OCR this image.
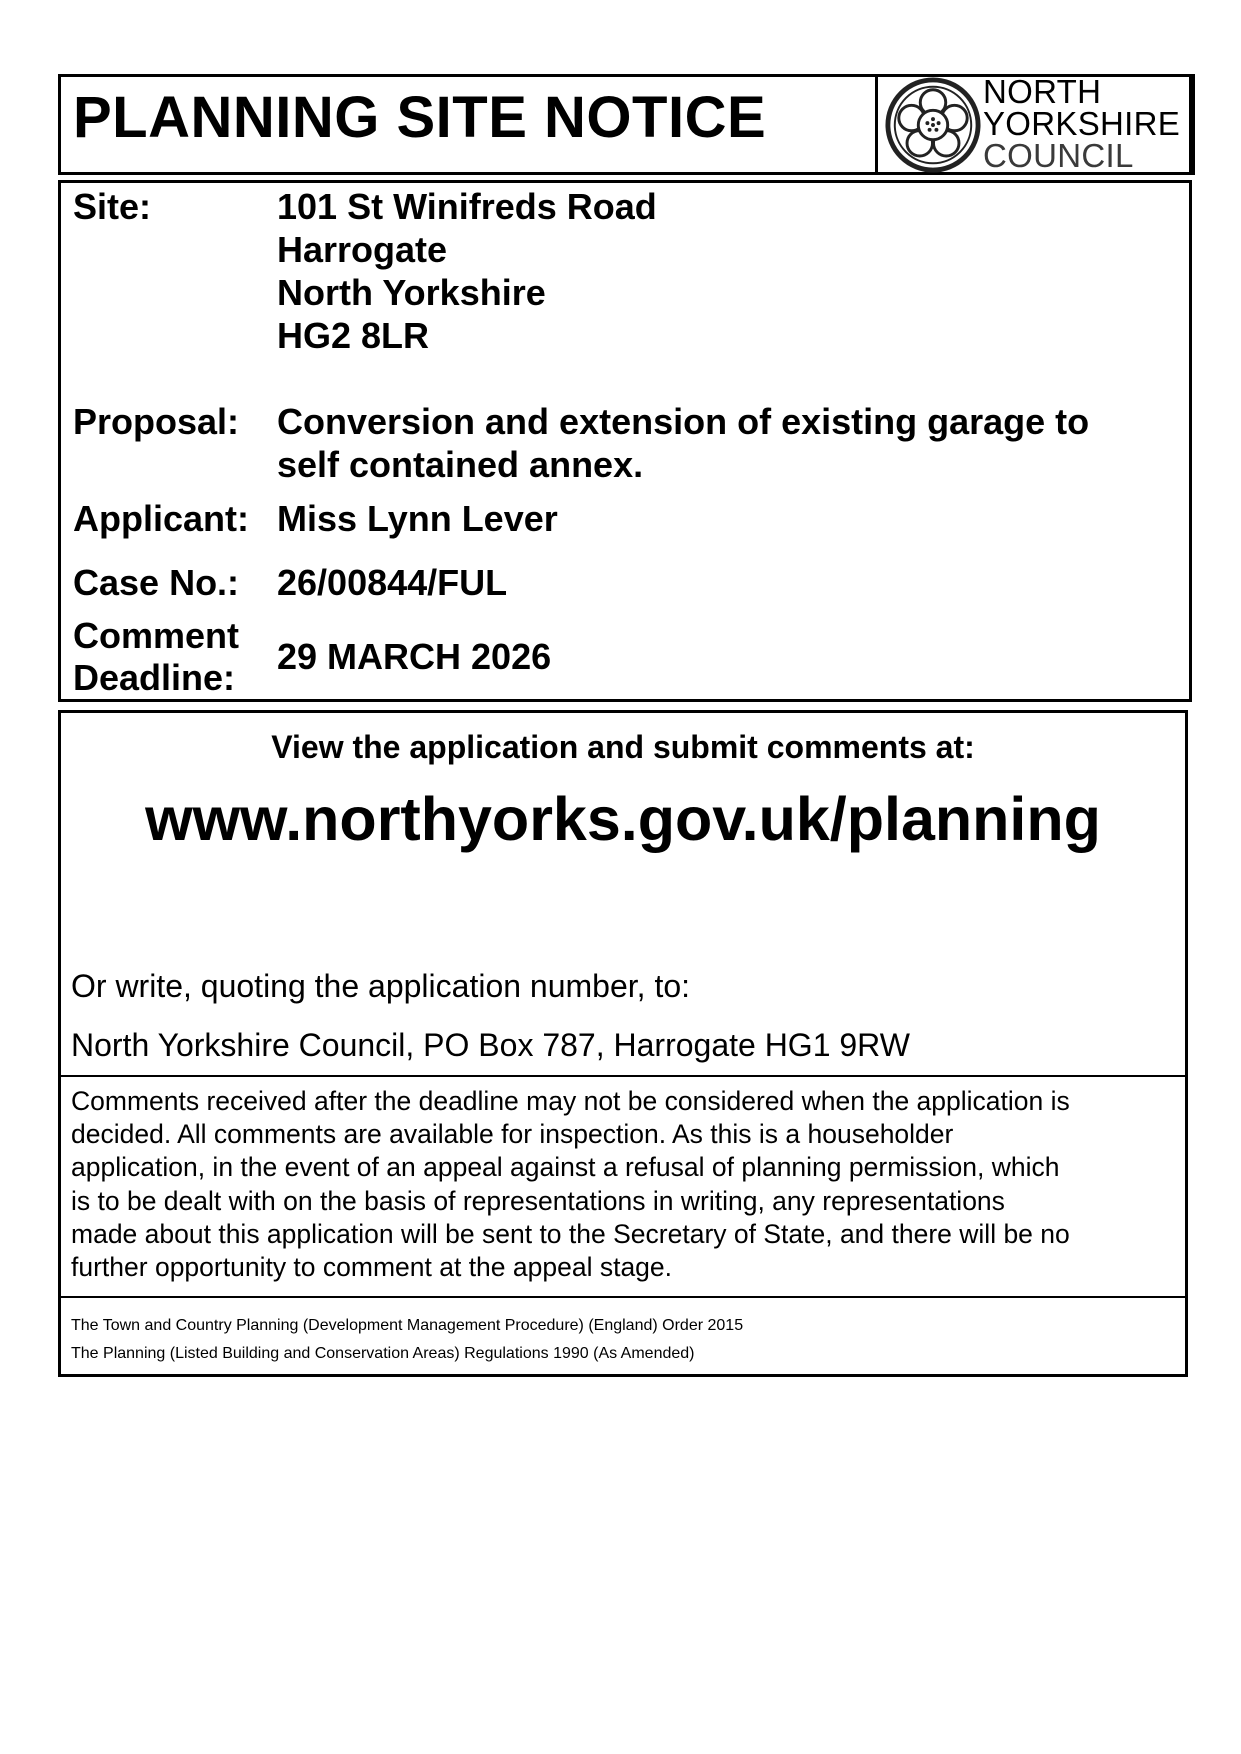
PLANNING SITE NOTICE	NORTH
YORKSHIRE
COUNCIL
Site:	101 St Winifreds Road
Harrogate
North Yorkshire
HG2 8LR
Proposal: Conversion and extension of existing garage to
self contained annex.
Applicant: Miss Lynn Lever
Case No.: 26/00844/FUL
Comment
Deadline:
29 MARCH 2026
View the application and submit comments at:
www.northyorks.gov.uk/planning
Or write, quoting the application number, to:
North Yorkshire Council, PO Box 787, Harrogate HG1 9RW
Comments received after the deadline may not be considered when the application is
decided. All comments are available for inspection. As this is a householder
application, in the event of an appeal against a refusal of planning permission, which
is to be dealt with on the basis of representations in writing, any representations
made about this application will be sent to the Secretary of State, and there will be no
further opportunity to comment at the appeal stage.
The Town and Country Planning (Development Management Procedure) (England) Order 2015
The Planning (Listed Building and Conservation Areas) Regulations 1990 (As Amended)
